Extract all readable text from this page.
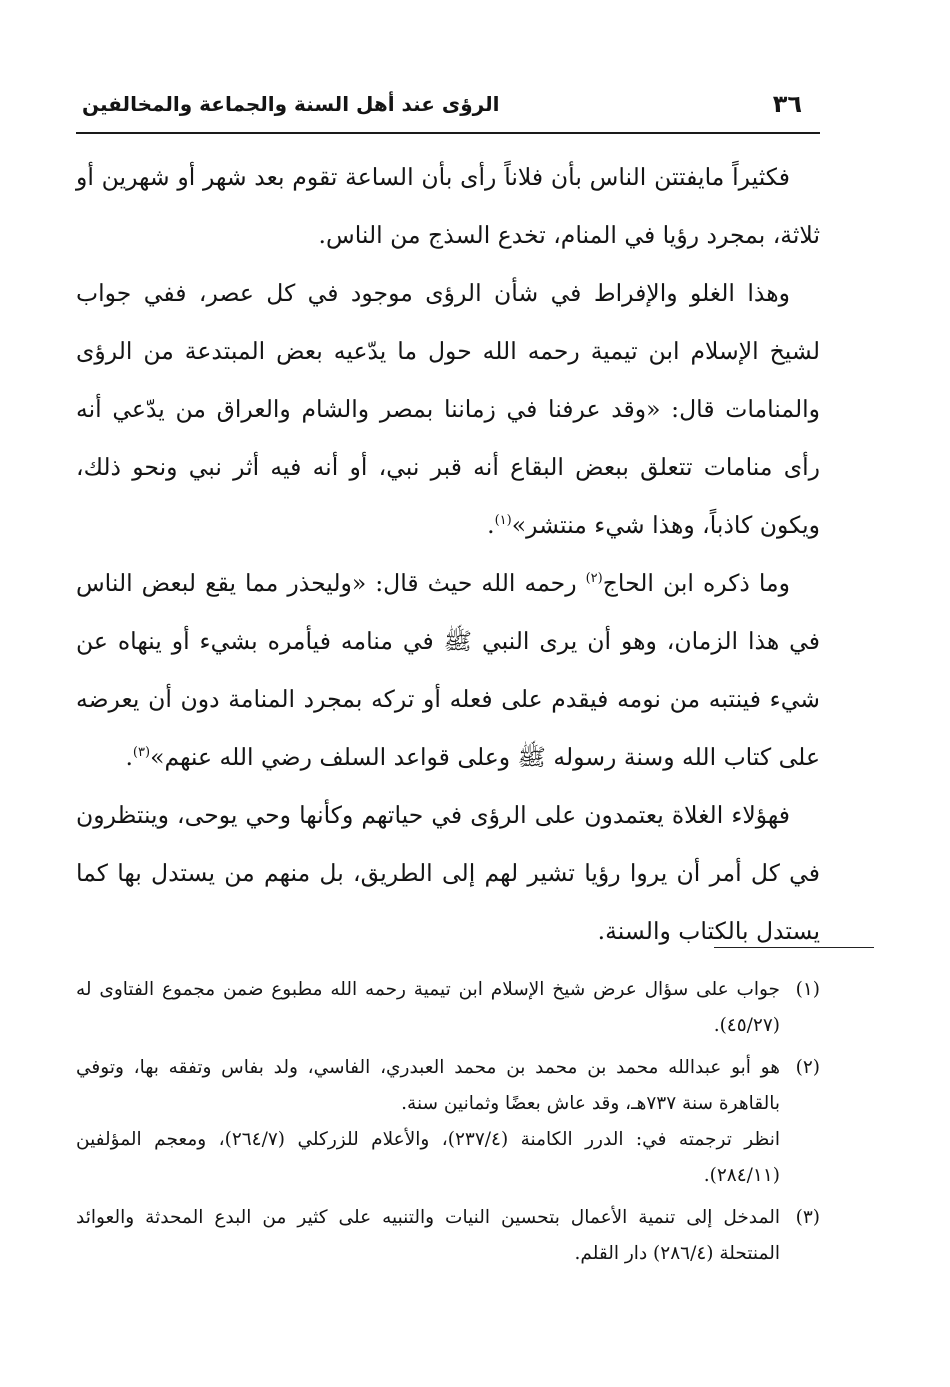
٣٦
الرؤى عند أهل السنة والجماعة والمخالفين

فكثيراً مايفتتن الناس بأن فلاناً رأى بأن الساعة تقوم بعد شهر أو شهرين أو ثلاثة، بمجرد رؤيا في المنام، تخدع السذج من الناس.

وهذا الغلو والإفراط في شأن الرؤى موجود في كل عصر، ففي جواب لشيخ الإسلام ابن تيمية رحمه الله حول ما يدّعيه بعض المبتدعة من الرؤى والمنامات قال: «وقد عرفنا في زماننا بمصر والشام والعراق من يدّعي أنه رأى منامات تتعلق ببعض البقاع أنه قبر نبي، أو أنه فيه أثر نبي ونحو ذلك، ويكون كاذباً، وهذا شيء منتشر»$^{(١)}$.

وما ذكره ابن الحاج$^{(٢)}$ رحمه الله حيث قال: «وليحذر مما يقع لبعض الناس في هذا الزمان، وهو أن يرى النبي ﷺ في منامه فيأمره بشيء أو ينهاه عن شيء فينتبه من نومه فيقدم على فعله أو تركه بمجرد المنامة دون أن يعرضه على كتاب الله وسنة رسوله ﷺ وعلى قواعد السلف رضي الله عنهم»$^{(٣)}$.

فهؤلاء الغلاة يعتمدون على الرؤى في حياتهم وكأنها وحي يوحى، وينتظرون في كل أمر أن يروا رؤيا تشير لهم إلى الطريق، بل منهم من يستدل بها كما يستدل بالكتاب والسنة.

(١)
جواب على سؤال عرض شيخ الإسلام ابن تيمية رحمه الله مطبوع ضمن مجموع الفتاوى له (٤٥/٢٧).

(٢)
هو أبو عبدالله محمد بن محمد بن محمد العبدري، الفاسي، ولد بفاس وتفقه بها، وتوفي بالقاهرة سنة ٧٣٧هـ، وقد عاش بعضًا وثمانين سنة.
انظر ترجمته في: الدرر الكامنة (٢٣٧/٤)، والأعلام للزركلي (٢٦٤/٧)، ومعجم المؤلفين (٢٨٤/١١).

(٣)
المدخل إلى تنمية الأعمال بتحسين النيات والتنبيه على كثير من البدع المحدثة والعوائد المنتحلة (٢٨٦/٤) دار القلم.
